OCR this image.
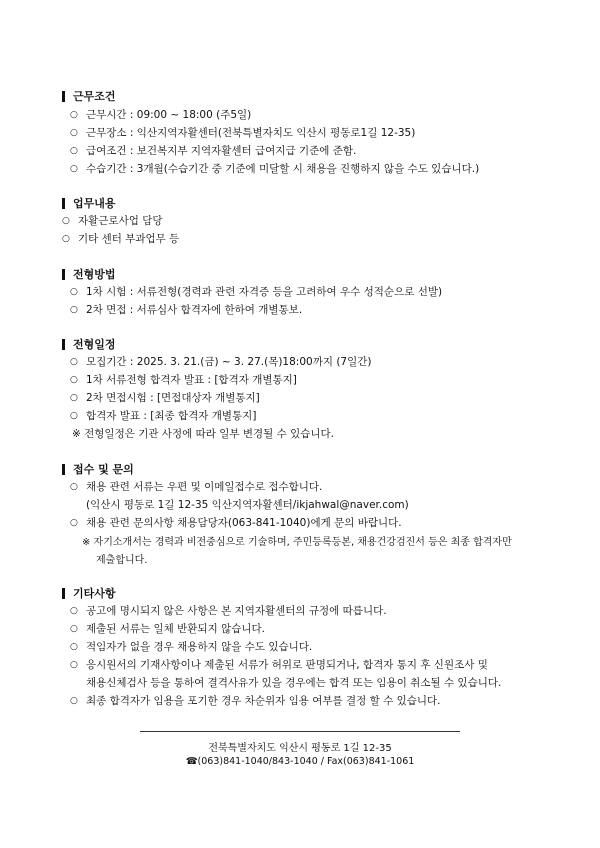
근무조건
○ 근무시간 : 09:00 ~ 18:00 (주5일)
○ 근무장소 : 익산지역자활센터(전북특별자치도 익산시 평동로1길 12-35)
○ 급여조건 : 보건복지부 지역자활센터 급여지급 기준에 준함.
○ 수습기간 : 3개월(수습기간 중 기준에 미달할 시 채용을 진행하지 않을 수도 있습니다.)
업무내용
○ 자활근로사업 담당
○ 기타 센터 부과업무 등
전형방법
○ 1차 시험 : 서류전형(경력과 관련 자격증 등을 고려하여 우수 성적순으로 선발)
○ 2차 면접 : 서류심사 합격자에 한하여 개별통보.
전형일정
○ 모집기간 : 2025. 3. 21.(금) ~ 3. 27.(목)18:00까지 (7일간)
○ 1차 서류전형 합격자 발표 : [합격자 개별통지]
○ 2차 면접시험 : [면접대상자 개별통지]
○ 합격자 발표 : [최종 합격자 개별통지]
※ 전형일정은 기관 사정에 따라 일부 변경될 수 있습니다.
접수 및 문의
○ 채용 관련 서류는 우편 및 이메일접수로 접수합니다.
(익산시 평동로 1길 12-35 익산지역자활센터/ikjahwal@naver.com)
○ 채용 관련 문의사항 채용담당자(063-841-1040)에게 문의 바랍니다.
※ 자기소개서는 경력과 비전중심으로 기술하며, 주민등록등본, 채용건강검진서 등은 최종 합격자만
제출합니다.
기타사항
○ 공고에 명시되지 않은 사항은 본 지역자활센터의 규정에 따릅니다.
○ 제출된 서류는 일체 반환되지 않습니다.
○ 적임자가 없을 경우 채용하지 않을 수도 있습니다.
○ 응시원서의 기재사항이나 제출된 서류가 허위로 판명되거나, 합격자 통지 후 신원조사 및
채용신체검사 등을 통하여 결격사유가 있을 경우에는 합격 또는 임용이 취소될 수 있습니다.
○ 최종 합격자가 임용을 포기한 경우 차순위자 임용 여부를 결정 할 수 있습니다.
전북특별자치도 익산시 평동로 1길 12-35
☎(063)841-1040/843-1040 / Fax(063)841-1061
